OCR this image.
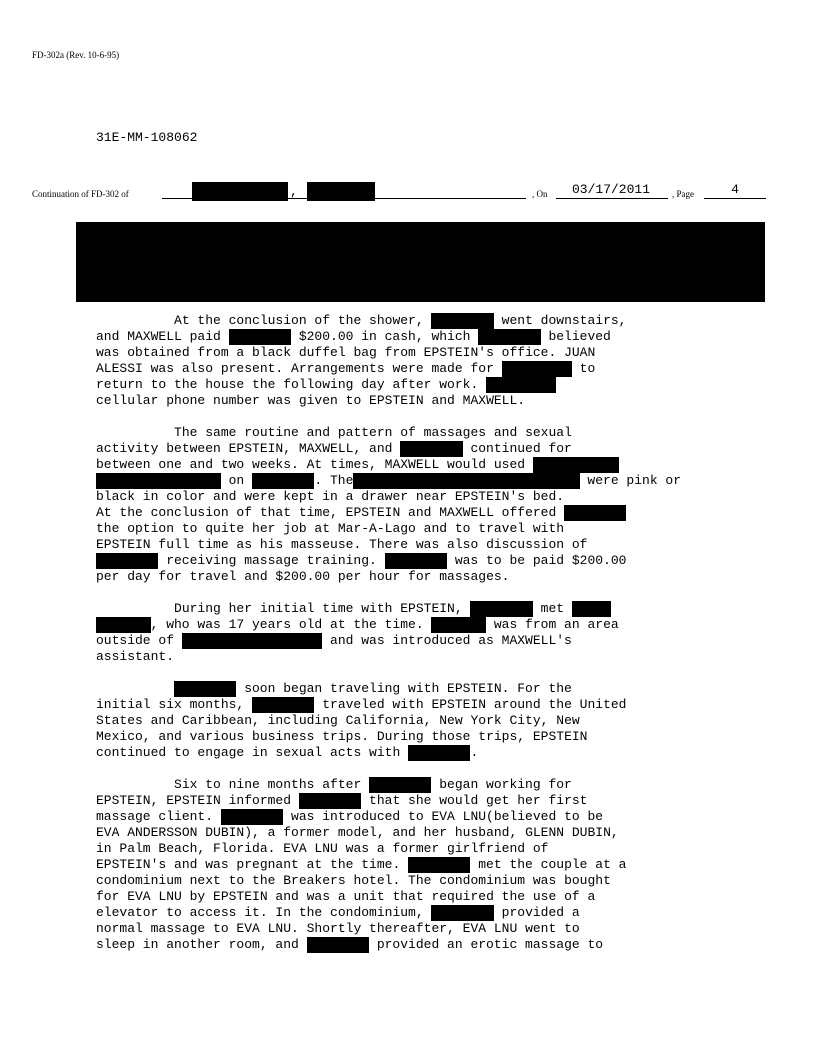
FD-302a (Rev. 10-6-95)
31E-MM-108062
Continuation of FD-302 of	,	, On	03/17/2011	, Page	4
At the conclusion of the shower,	went downstairs,
and MAXWELL paid	$200.00 in cash, which	believed
was obtained from a black duffel bag from EPSTEIN's office. JUAN
ALESSI was also present. Arrangements were made for	to
return to the house the following day after work.
cellular phone number was given to EPSTEIN and MAXWELL.
The same routine and pattern of massages and sexual
activity between EPSTEIN, MAXWELL, and	continued for
between one and two weeks. At times, MAXWELL would used
on	. The	were pink or
black in color and were kept in a drawer near EPSTEIN's bed.
At the conclusion of that time, EPSTEIN and MAXWELL offered
the option to quite her job at Mar-A-Lago and to travel with
EPSTEIN full time as his masseuse. There was also discussion of
receiving massage training.	was to be paid $200.00
per day for travel and $200.00 per hour for massages.
During her initial time with EPSTEIN,	met
, who was 17 years old at the time.	was from an area
outside of	and was introduced as MAXWELL's
assistant.
soon began traveling with EPSTEIN. For the
initial six months,	traveled with EPSTEIN around the United
States and Caribbean, including California, New York City, New
Mexico, and various business trips. During those trips, EPSTEIN
continued to engage in sexual acts with	.
Six to nine months after	began working for
EPSTEIN, EPSTEIN informed	that she would get her first
massage client.	was introduced to EVA LNU(believed to be
EVA ANDERSSON DUBIN), a former model, and her husband, GLENN DUBIN,
in Palm Beach, Florida. EVA LNU was a former girlfriend of
EPSTEIN's and was pregnant at the time.	met the couple at a
condominium next to the Breakers hotel. The condominium was bought
for EVA LNU by EPSTEIN and was a unit that required the use of a
elevator to access it. In the condominium,	provided a
normal massage to EVA LNU. Shortly thereafter, EVA LNU went to
sleep in another room, and	provided an erotic massage to
